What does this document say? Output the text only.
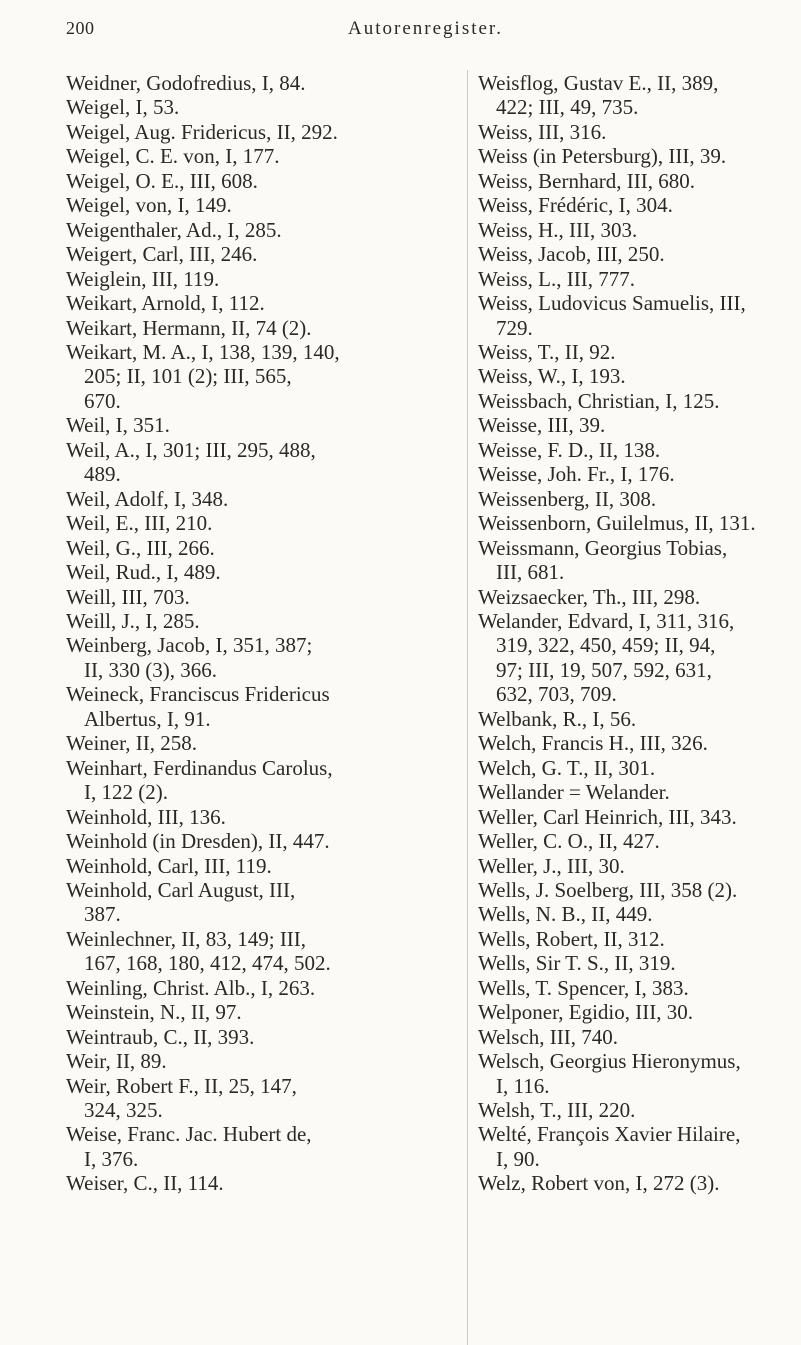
200	Autorenregister.
Weidner, Godofredius, I, 84.
Weigel, I, 53.
Weigel, Aug. Fridericus, II, 292.
Weigel, C. E. von, I, 177.
Weigel, O. E., III, 608.
Weigel, von, I, 149.
Weigenthaler, Ad., I, 285.
Weigert, Carl, III, 246.
Weiglein, III, 119.
Weikart, Arnold, I, 112.
Weikart, Hermann, II, 74 (2).
Weikart, M. A., I, 138, 139, 140,
205; II, 101 (2); III, 565,
670.
Weil, I, 351.
Weil, A., I, 301; III, 295, 488,
489.
Weil, Adolf, I, 348.
Weil, E., III, 210.
Weil, G., III, 266.
Weil, Rud., I, 489.
Weill, III, 703.
Weill, J., I, 285.
Weinberg, Jacob, I, 351, 387;
II, 330 (3), 366.
Weineck, Franciscus Fridericus
Albertus, I, 91.
Weiner, II, 258.
Weinhart, Ferdinandus Carolus,
I, 122 (2).
Weinhold, III, 136.
Weinhold (in Dresden), II, 447.
Weinhold, Carl, III, 119.
Weinhold, Carl August, III,
387.
Weinlechner, II, 83, 149; III,
167, 168, 180, 412, 474, 502.
Weinling, Christ. Alb., I, 263.
Weinstein, N., II, 97.
Weintraub, C., II, 393.
Weir, II, 89.
Weir, Robert F., II, 25, 147,
324, 325.
Weise, Franc. Jac. Hubert de,
I, 376.
Weiser, C., II, 114.
Weisflog, Gustav E., II, 389,
422; III, 49, 735.
Weiss, III, 316.
Weiss (in Petersburg), III, 39.
Weiss, Bernhard, III, 680.
Weiss, Frédéric, I, 304.
Weiss, H., III, 303.
Weiss, Jacob, III, 250.
Weiss, L., III, 777.
Weiss, Ludovicus Samuelis, III,
729.
Weiss, T., II, 92.
Weiss, W., I, 193.
Weissbach, Christian, I, 125.
Weisse, III, 39.
Weisse, F. D., II, 138.
Weisse, Joh. Fr., I, 176.
Weissenberg, II, 308.
Weissenborn, Guilelmus, II, 131.
Weissmann, Georgius Tobias,
III, 681.
Weizsaecker, Th., III, 298.
Welander, Edvard, I, 311, 316,
319, 322, 450, 459; II, 94,
97; III, 19, 507, 592, 631,
632, 703, 709.
Welbank, R., I, 56.
Welch, Francis H., III, 326.
Welch, G. T., II, 301.
Wellander = Welander.
Weller, Carl Heinrich, III, 343.
Weller, C. O., II, 427.
Weller, J., III, 30.
Wells, J. Soelberg, III, 358 (2).
Wells, N. B., II, 449.
Wells, Robert, II, 312.
Wells, Sir T. S., II, 319.
Wells, T. Spencer, I, 383.
Welponer, Egidio, III, 30.
Welsch, III, 740.
Welsch, Georgius Hieronymus,
I, 116.
Welsh, T., III, 220.
Welté, François Xavier Hilaire,
I, 90.
Welz, Robert von, I, 272 (3).
